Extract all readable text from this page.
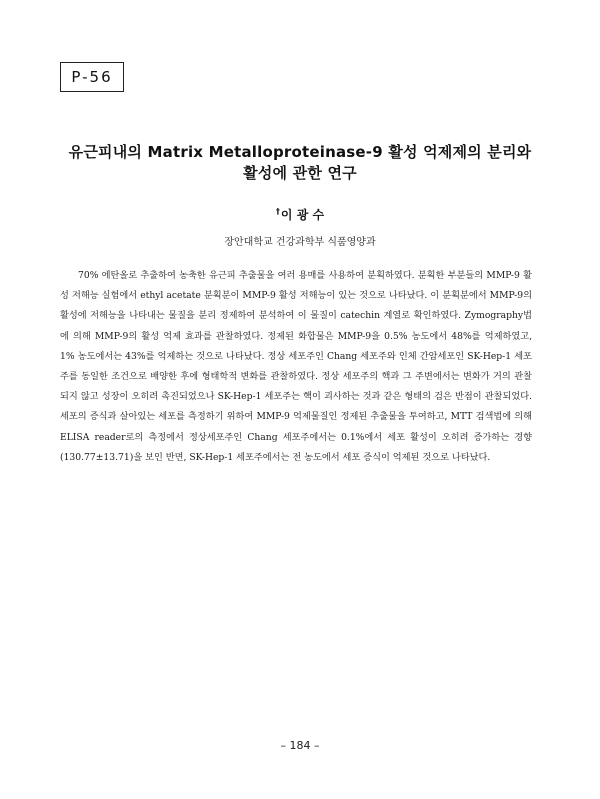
P-56
유근피내의 Matrix Metalloproteinase-9 활성 억제제의 분리와
활성에 관한 연구
†이 광 수
장안대학교 건강과학부 식품영양과

70% 에탄올로 추출하여 농축한 유근피 추출물을 여러 용매를 사용하여 분획하였다. 분획한 부분들의 MMP-9 활성 저해능 실험에서 ethyl acetate 분획분이 MMP-9 활성 저해능이 있는 것으로 나타났다. 이 분획분에서 MMP-9의 활성에 저해능을 나타내는 물질을 분리 정제하여 분석하여 이 물질이 catechin 계열로 확인하였다. Zymography법에 의해 MMP-9의 활성 억제 효과를 관찰하였다. 정제된 화합물은 MMP-9을 0.5% 농도에서 48%를 억제하였고, 1% 농도에서는 43%를 억제하는 것으로 나타났다. 정상 세포주인 Chang 세포주와 인체 간암세포인 SK-Hep-1 세포주를 동일한 조건으로 배양한 후에 형태학적 변화를 관찰하였다. 정상 세포주의 핵과 그 주변에서는 변화가 거의 관찰되지 않고 성장이 오히려 촉진되었으나 SK-Hep-1 세포주는 핵이 괴사하는 것과 같은 형태의 검은 반점이 관찰되었다. 세포의 증식과 살아있는 세포를 측정하기 위하여 MMP-9 억제물질인 정제된 추출물을 투여하고, MTT 검색법에 의해 ELISA reader로의 측정에서 정상세포주인 Chang 세포주에서는 0.1%에서 세포 활성이 오히려 증가하는 경향(130.77±13.71)을 보인 반면, SK-Hep-1 세포주에서는 전 농도에서 세포 증식이 억제된 것으로 나타났다.

– 184 –
